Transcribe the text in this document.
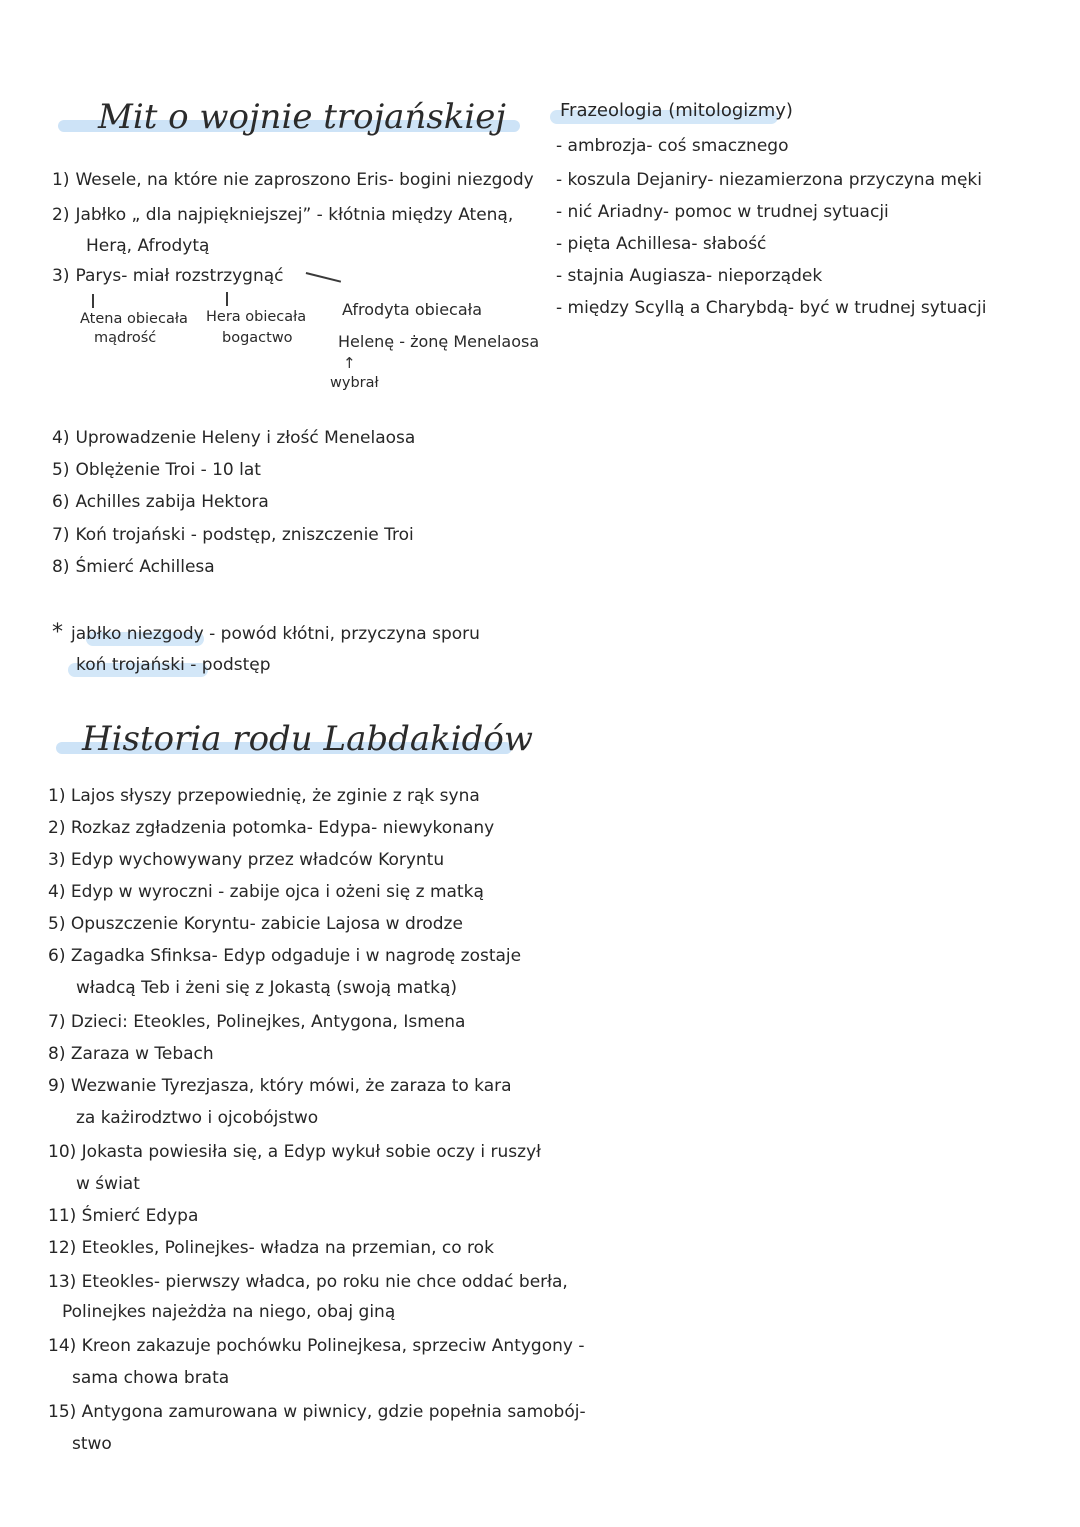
Mit o wojnie trojańskiej
1) Wesele, na które nie zaproszono Eris- bogini niezgody
2) Jabłko „ dla najpiękniejszej” - kłótnia między Ateną,
Herą, Afrodytą
3) Parys- miał rozstrzygnąć
Atena obiecała
mądrość
Hera obiecała
bogactwo
Afrodyta obiecała
Helenę - żonę Menelaosa
↑
wybrał
4) Uprowadzenie Heleny i złość Menelaosa
5) Oblężenie Troi - 10 lat
6) Achilles zabija Hektora
7) Koń trojański - podstęp, zniszczenie Troi
8) Śmierć Achillesa
* jabłko niezgody - powód kłótni, przyczyna sporu
koń trojański - podstęp
Historia rodu Labdakidów
1) Lajos słyszy przepowiednię, że zginie z rąk syna
2) Rozkaz zgładzenia potomka- Edypa- niewykonany
3) Edyp wychowywany przez władców Koryntu
4) Edyp w wyroczni - zabije ojca i ożeni się z matką
5) Opuszczenie Koryntu- zabicie Lajosa w drodze
6) Zagadka Sfinksa- Edyp odgaduje i w nagrodę zostaje
władcą Teb i żeni się z Jokastą (swoją matką)
7) Dzieci: Eteokles, Polinejkes, Antygona, Ismena
8) Zaraza w Tebach
9) Wezwanie Tyrezjasza, który mówi, że zaraza to kara
za każirodztwo i ojcobójstwo
10) Jokasta powiesiła się, a Edyp wykuł sobie oczy i ruszył
w świat
11) Śmierć Edypa
12) Eteokles, Polinejkes- władza na przemian, co rok
13) Eteokles- pierwszy władca, po roku nie chce oddać berła,
Polinejkes najeżdża na niego, obaj giną
14) Kreon zakazuje pochówku Polinejkesa, sprzeciw Antygony -
sama chowa brata
15) Antygona zamurowana w piwnicy, gdzie popełnia samobój-
stwo
Frazeologia (mitologizmy)
- ambrozja- coś smacznego
- koszula Dejaniry- niezamierzona przyczyna męki
- nić Ariadny- pomoc w trudnej sytuacji
- pięta Achillesa- słabość
- stajnia Augiasza- nieporządek
- między Scyllą a Charybdą- być w trudnej sytuacji
